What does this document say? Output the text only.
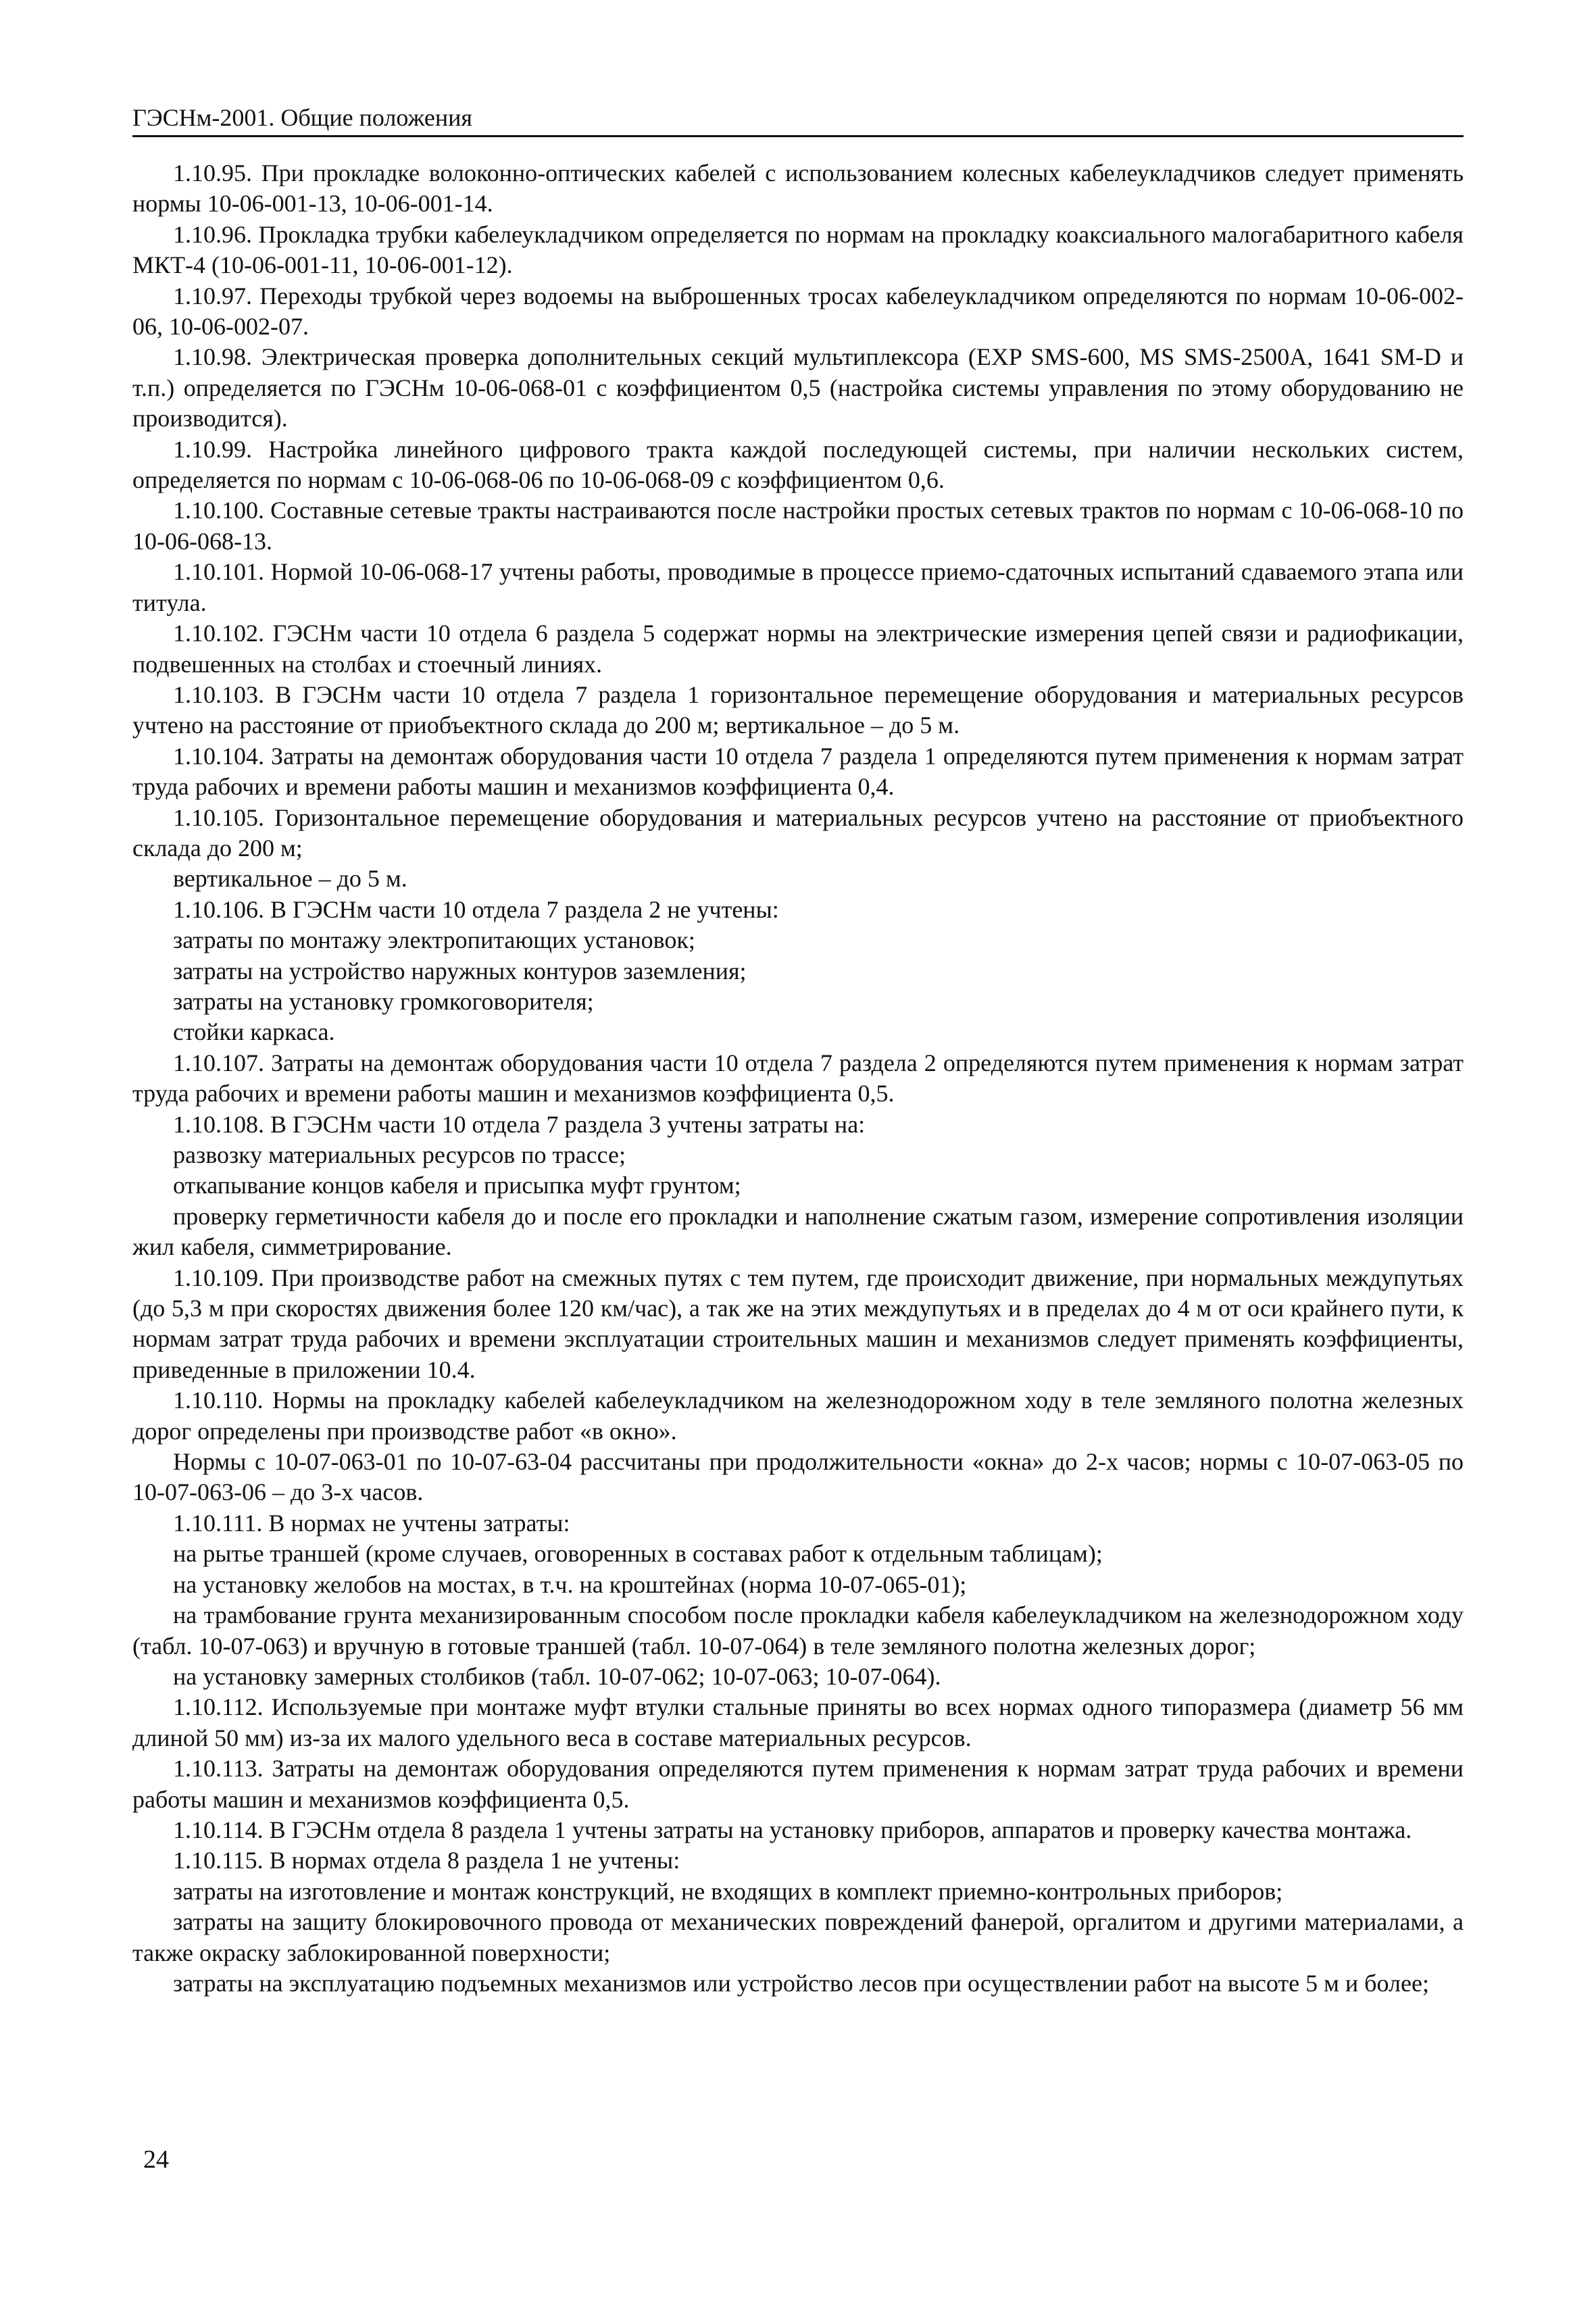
ГЭСНм-2001. Общие положения

1.10.95. При прокладке волоконно-оптических кабелей с использованием колесных кабелеукладчиков следует применять нормы 10-06-001-13, 10-06-001-14.

1.10.96. Прокладка трубки кабелеукладчиком определяется по нормам на прокладку коаксиального малогабаритного кабеля МКТ-4 (10-06-001-11, 10-06-001-12).

1.10.97. Переходы трубкой через водоемы на выброшенных тросах кабелеукладчиком определяются по нормам 10-06-002-06, 10-06-002-07.

1.10.98. Электрическая проверка дополнительных секций мультиплексора (EXP SMS-600, MS SMS-2500A, 1641 SM-D и т.п.) определяется по ГЭСНм 10-06-068-01 с коэффициентом 0,5 (настройка системы управления по этому оборудованию не производится).

1.10.99. Настройка линейного цифрового тракта каждой последующей системы, при наличии нескольких систем, определяется по нормам с 10-06-068-06 по 10-06-068-09 с коэффициентом 0,6.

1.10.100. Составные сетевые тракты настраиваются после настройки простых сетевых трактов по нормам с 10-06-068-10 по 10-06-068-13.

1.10.101. Нормой 10-06-068-17 учтены работы, проводимые в процессе приемо-сдаточных испытаний сдаваемого этапа или титула.

1.10.102. ГЭСНм части 10 отдела 6 раздела 5 содержат нормы на электрические измерения цепей связи и радиофикации, подвешенных на столбах и стоечный линиях.

1.10.103. В ГЭСНм части 10 отдела 7 раздела 1 горизонтальное перемещение оборудования и материальных ресурсов учтено на расстояние от приобъектного склада до 200 м; вертикальное – до 5 м.

1.10.104. Затраты на демонтаж оборудования части 10 отдела 7 раздела 1 определяются путем применения к нормам затрат труда рабочих и времени работы машин и механизмов коэффициента 0,4.

1.10.105. Горизонтальное перемещение оборудования и материальных ресурсов учтено на расстояние от приобъектного склада до 200 м;

вертикальное – до 5 м.

1.10.106. В ГЭСНм части 10 отдела 7 раздела 2 не учтены:

затраты по монтажу электропитающих установок;

затраты на устройство наружных контуров заземления;

затраты на установку громкоговорителя;

стойки каркаса.

1.10.107. Затраты на демонтаж оборудования части 10 отдела 7 раздела 2 определяются путем применения к нормам затрат труда рабочих и времени работы машин и механизмов коэффициента 0,5.

1.10.108. В ГЭСНм части 10 отдела 7 раздела 3 учтены затраты на:

развозку материальных ресурсов по трассе;

откапывание концов кабеля и присыпка муфт грунтом;

проверку герметичности кабеля до и после его прокладки и наполнение сжатым газом, измерение сопротивления изоляции жил кабеля, симметрирование.

1.10.109. При производстве работ на смежных путях с тем путем, где происходит движение, при нормальных междупутьях (до 5,3 м при скоростях движения более 120 км/час), а так же на этих междупутьях и в пределах до 4 м от оси крайнего пути, к нормам затрат труда рабочих и времени эксплуатации строительных машин и механизмов следует применять коэффициенты, приведенные в приложении 10.4.

1.10.110. Нормы на прокладку кабелей кабелеукладчиком на железнодорожном ходу в теле земляного полотна железных дорог определены при производстве работ «в окно».

Нормы с 10-07-063-01 по 10-07-63-04 рассчитаны при продолжительности «окна» до 2-х часов; нормы с 10-07-063-05 по 10-07-063-06 – до 3-х часов.

1.10.111. В нормах не учтены затраты:

на рытье траншей (кроме случаев, оговоренных в составах работ к отдельным таблицам);

на установку желобов на мостах, в т.ч. на кроштейнах (норма 10-07-065-01);

на трамбование грунта механизированным способом после прокладки кабеля кабелеукладчиком на железнодорожном ходу (табл. 10-07-063) и вручную в готовые траншей (табл. 10-07-064) в теле земляного полотна железных дорог;

на установку замерных столбиков (табл. 10-07-062; 10-07-063; 10-07-064).

1.10.112. Используемые при монтаже муфт втулки стальные приняты во всех нормах одного типоразмера (диаметр 56 мм длиной 50 мм) из-за их малого удельного веса в составе материальных ресурсов.

1.10.113. Затраты на демонтаж оборудования определяются путем применения к нормам затрат труда рабочих и времени работы машин и механизмов коэффициента 0,5.

1.10.114. В ГЭСНм отдела 8 раздела 1 учтены затраты на установку приборов, аппаратов и проверку качества монтажа.

1.10.115. В нормах отдела 8 раздела 1 не учтены:

затраты на изготовление и монтаж конструкций, не входящих в комплект приемно-контрольных приборов;

затраты на защиту блокировочного провода от механических повреждений фанерой, оргалитом и другими материалами, а также окраску заблокированной поверхности;

затраты на эксплуатацию подъемных механизмов или устройство лесов при осуществлении работ на высоте 5 м и более;

24
